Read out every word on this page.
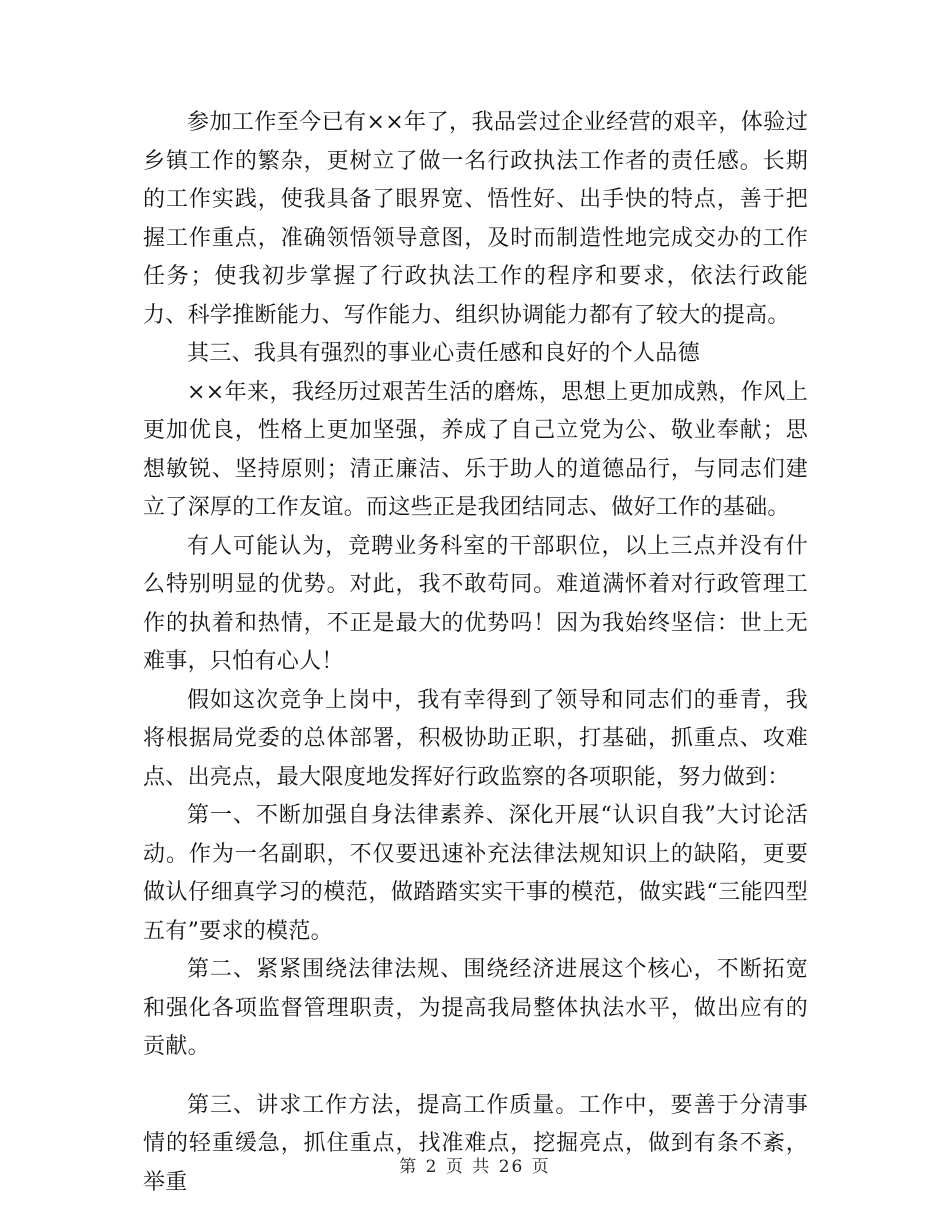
参加工作至今已有××年了，我品尝过企业经营的艰辛，体验过乡镇工作的繁杂，更树立了做一名行政执法工作者的责任感。长期的工作实践，使我具备了眼界宽、悟性好、出手快的特点，善于把握工作重点，准确领悟领导意图，及时而制造性地完成交办的工作任务；使我初步掌握了行政执法工作的程序和要求，依法行政能力、科学推断能力、写作能力、组织协调能力都有了较大的提高。

其三、我具有强烈的事业心责任感和良好的个人品德

××年来，我经历过艰苦生活的磨炼，思想上更加成熟，作风上更加优良，性格上更加坚强，养成了自己立党为公、敬业奉献；思想敏锐、坚持原则；清正廉洁、乐于助人的道德品行，与同志们建立了深厚的工作友谊。而这些正是我团结同志、做好工作的基础。

有人可能认为，竞聘业务科室的干部职位，以上三点并没有什么特别明显的优势。对此，我不敢苟同。难道满怀着对行政管理工作的执着和热情，不正是最大的优势吗！因为我始终坚信：世上无难事，只怕有心人！

假如这次竞争上岗中，我有幸得到了领导和同志们的垂青，我将根据局党委的总体部署，积极协助正职，打基础，抓重点、攻难点、出亮点，最大限度地发挥好行政监察的各项职能，努力做到：

第一、不断加强自身法律素养、深化开展“认识自我”大讨论活动。作为一名副职，不仅要迅速补充法律法规知识上的缺陷，更要做认仔细真学习的模范，做踏踏实实干事的模范，做实践“三能四型五有”要求的模范。

第二、紧紧围绕法律法规、围绕经济进展这个核心，不断拓宽和强化各项监督管理职责，为提高我局整体执法水平，做出应有的贡献。

第三、讲求工作方法，提高工作质量。工作中，要善于分清事情的轻重缓急，抓住重点，找准难点，挖掘亮点，做到有条不紊，举重

第 2 页 共 26 页
